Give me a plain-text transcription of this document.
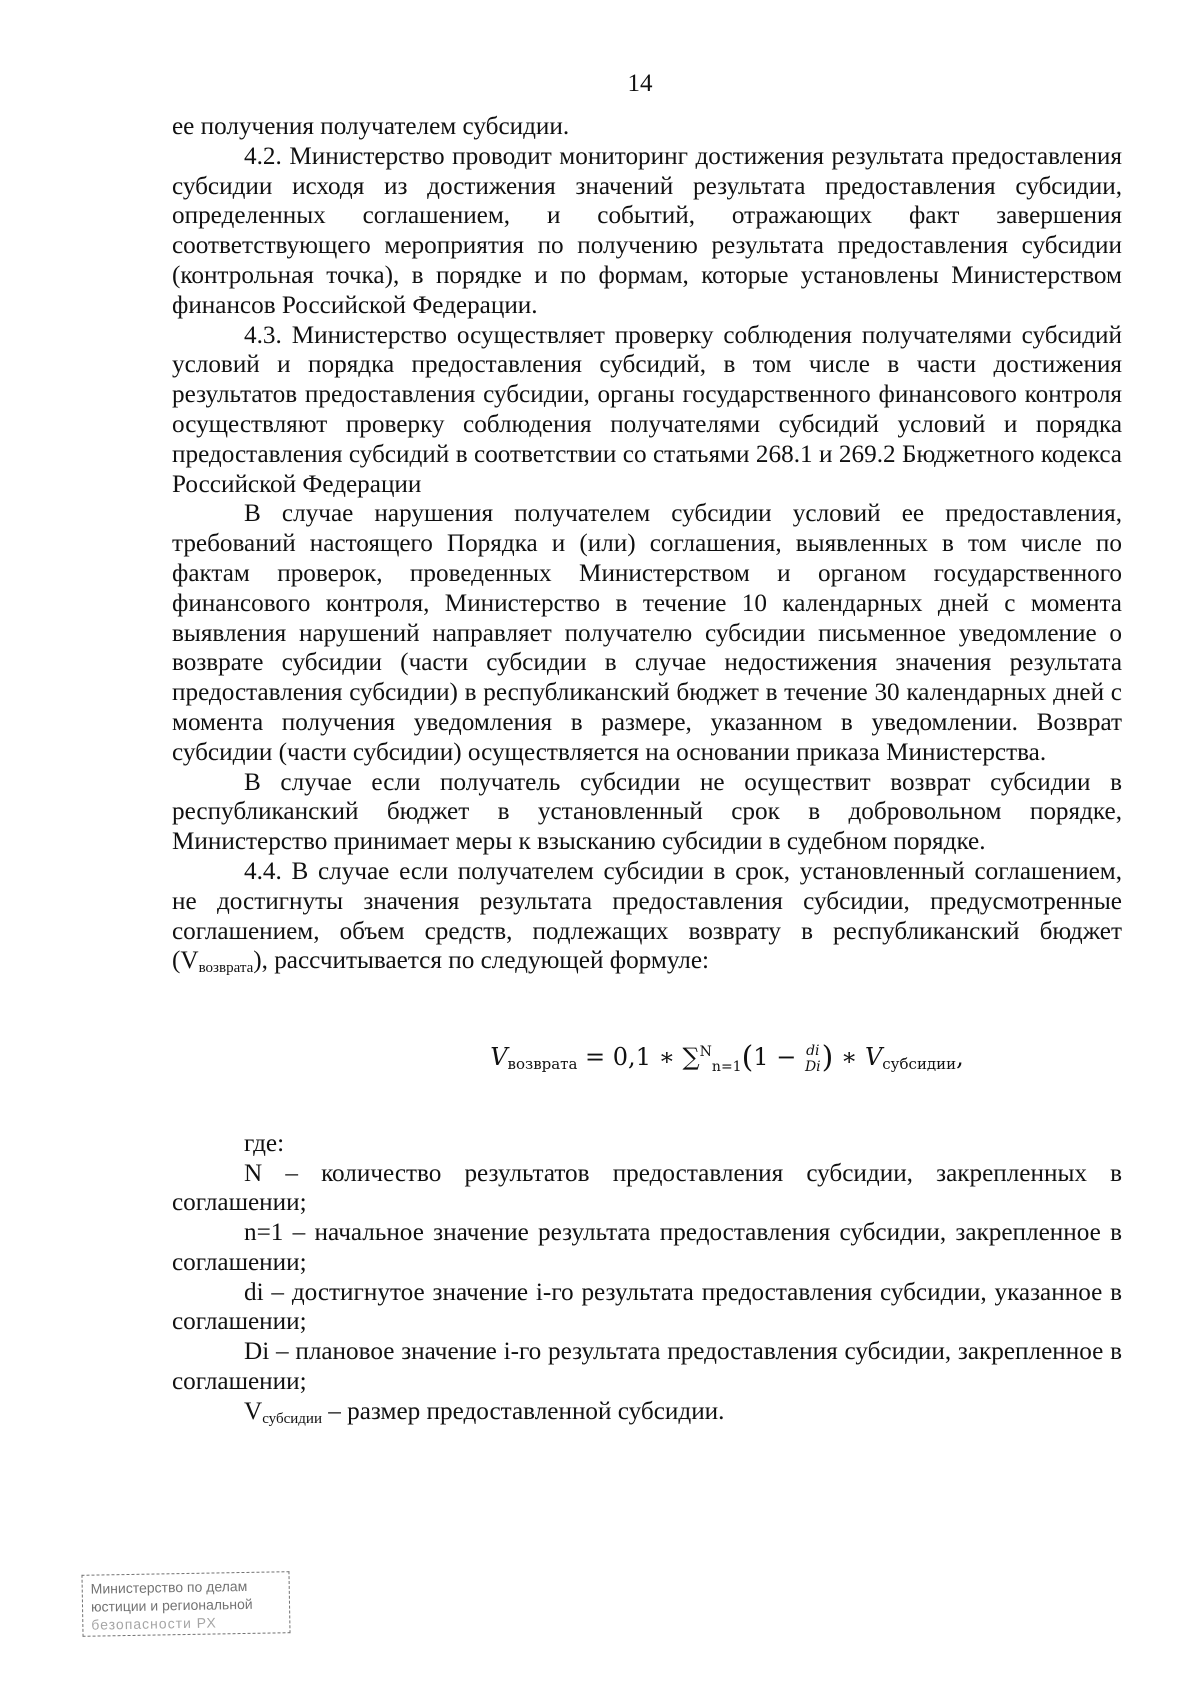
14

ее получения получателем субсидии.

4.2. Министерство проводит мониторинг достижения результата предоставления субсидии исходя из достижения значений результата предоставления субсидии, определенных соглашением, и событий, отражающих факт завершения соответствующего мероприятия по получению результата предоставления субсидии (контрольная точка), в порядке и по формам, которые установлены Министерством финансов Российской Федерации.

4.3. Министерство осуществляет проверку соблюдения получателями субсидий условий и порядка предоставления субсидий, в том числе в части достижения результатов предоставления субсидии, органы государственного финансового контроля осуществляют проверку соблюдения получателями субсидий условий и порядка предоставления субсидий в соответствии со статьями 268.1 и 269.2 Бюджетного кодекса Российской Федерации

В случае нарушения получателем субсидии условий ее предоставления, требований настоящего Порядка и (или) соглашения, выявленных в том числе по фактам проверок, проведенных Министерством и органом государственного финансового контроля, Министерство в течение 10 календарных дней с момента выявления нарушений направляет получателю субсидии письменное уведомление о возврате субсидии (части субсидии в случае недостижения значения результата предоставления субсидии) в республиканский бюджет в течение 30 календарных дней с момента получения уведомления в размере, указанном в уведомлении. Возврат субсидии (части субсидии) осуществляется на основании приказа Министерства.

В случае если получатель субсидии не осуществит возврат субсидии в республиканский бюджет в установленный срок в добровольном порядке, Министерство принимает меры к взысканию субсидии в судебном порядке.

4.4. В случае если получателем субсидии в срок, установленный соглашением, не достигнуты значения результата предоставления субсидии, предусмотренные соглашением, объем средств, подлежащих возврату в республиканский бюджет $(V_{возврата})$, рассчитывается по следующей формуле:

$V_{возврата} = 0,1$ ∗ ∑$^N_{n=1}$(1 − di
Di ) ∗ $V_{субсидии}$,

где:

N – количество результатов предоставления субсидии, закрепленных в соглашении;

n=1 – начальное значение результата предоставления субсидии, закрепленное в соглашении;

di – достигнутое значение i-го результата предоставления субсидии, указанное в соглашении;

Di – плановое значение i-го результата предоставления субсидии, закрепленное в соглашении;

$V_{субсидии}$ – размер предоставленной субсидии.

Министерство по делам
юстиции и региональной
безопасности РХ
